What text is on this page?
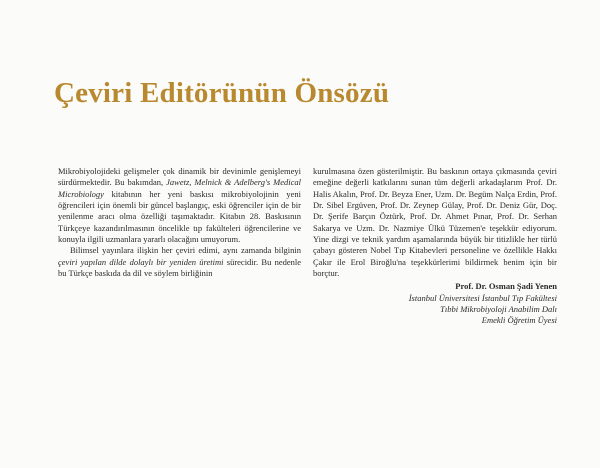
Çeviri Editörünün Önsözü

Mikrobiyolojideki gelişmeler çok dinamik bir devinimle genişlemeyi sürdürmektedir. Bu bakımdan, Jawetz, Melnick & Adelberg's Medical Microbiology kitabının her yeni baskısı mikrobiyolojinin yeni öğrencileri için önemli bir güncel başlangıç, eski öğrenciler için de bir yenilenme aracı olma özelliği taşımaktadır. Kitabın 28. Baskısının Türkçeye kazandırılmasının öncelikle tıp fakülteleri öğrencilerine ve konuyla ilgili uzmanlara yararlı olacağını umuyorum.

Bilimsel yayınlara ilişkin her çeviri edimi, aynı zamanda bilginin çeviri yapılan dilde dolaylı bir yeniden üretimi sürecidir. Bu nedenle bu Türkçe baskıda da dil ve söylem birliğinin

kurulmasına özen gösterilmiştir. Bu baskının ortaya çıkmasında çeviri emeğine değerli katkılarını sunan tüm değerli arkadaşlarım Prof. Dr. Halis Akalın, Prof. Dr. Beyza Ener, Uzm. Dr. Begüm Nalça Erdin, Prof. Dr. Sibel Ergüven, Prof. Dr. Zeynep Gülay, Prof. Dr. Deniz Gür, Doç. Dr. Şerife Barçın Öztürk, Prof. Dr. Ahmet Pınar, Prof. Dr. Serhan Sakarya ve Uzm. Dr. Nazmiye Ülkü Tüzemen'e teşekkür ediyorum. Yine dizgi ve teknik yardım aşamalarında büyük bir titizlikle her türlü çabayı gösteren Nobel Tıp Kitabevleri personeline ve özellikle Hakkı Çakır ile Erol Biroğlu'na teşekkürlerimi bildirmek benim için bir borçtur.

Prof. Dr. Osman Şadi Yenen
İstanbul Üniversitesi İstanbul Tıp Fakültesi
Tıbbi Mikrobiyoloji Anabilim Dalı
Emekli Öğretim Üyesi
